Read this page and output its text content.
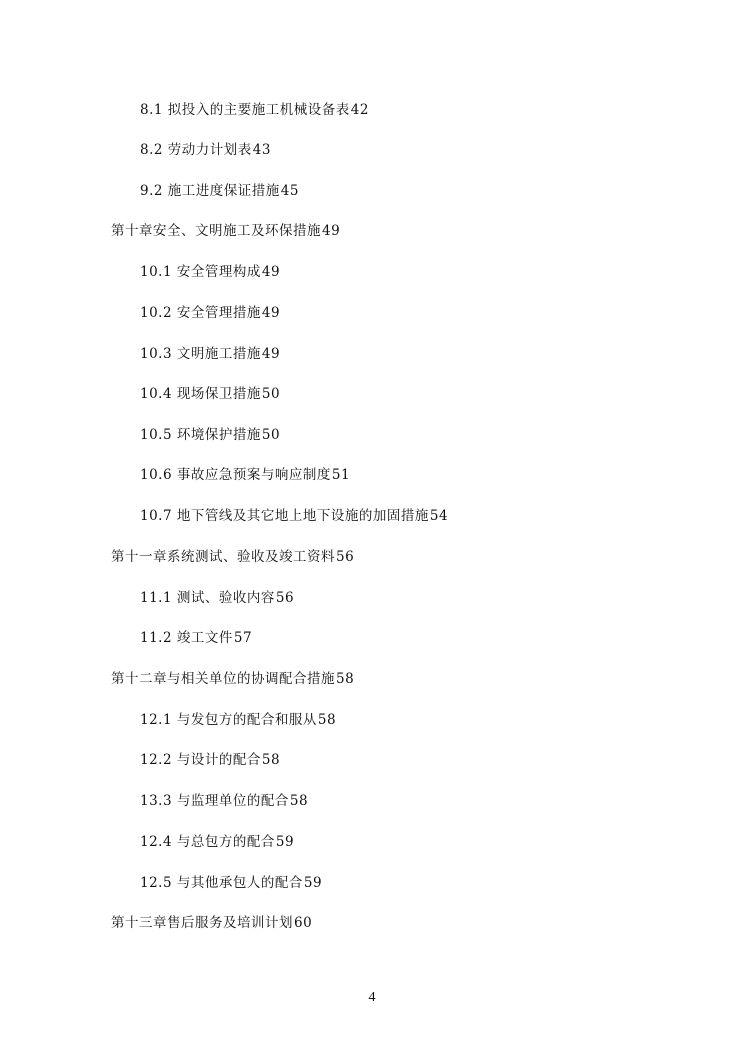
8.1 拟投入的主要施工机械设备表42
8.2 劳动力计划表43
9.2 施工进度保证措施45
第十章安全、文明施工及环保措施49
10.1 安全管理构成49
10.2 安全管理措施49
10.3 文明施工措施49
10.4 现场保卫措施50
10.5 环境保护措施50
10.6 事故应急预案与响应制度51
10.7 地下管线及其它地上地下设施的加固措施54
第十一章系统测试、验收及竣工资料56
11.1 测试、验收内容56
11.2 竣工文件57
第十二章与相关单位的协调配合措施58
12.1 与发包方的配合和服从58
12.2 与设计的配合58
13.3 与监理单位的配合58
12.4 与总包方的配合59
12.5 与其他承包人的配合59
第十三章售后服务及培训计划60
4
